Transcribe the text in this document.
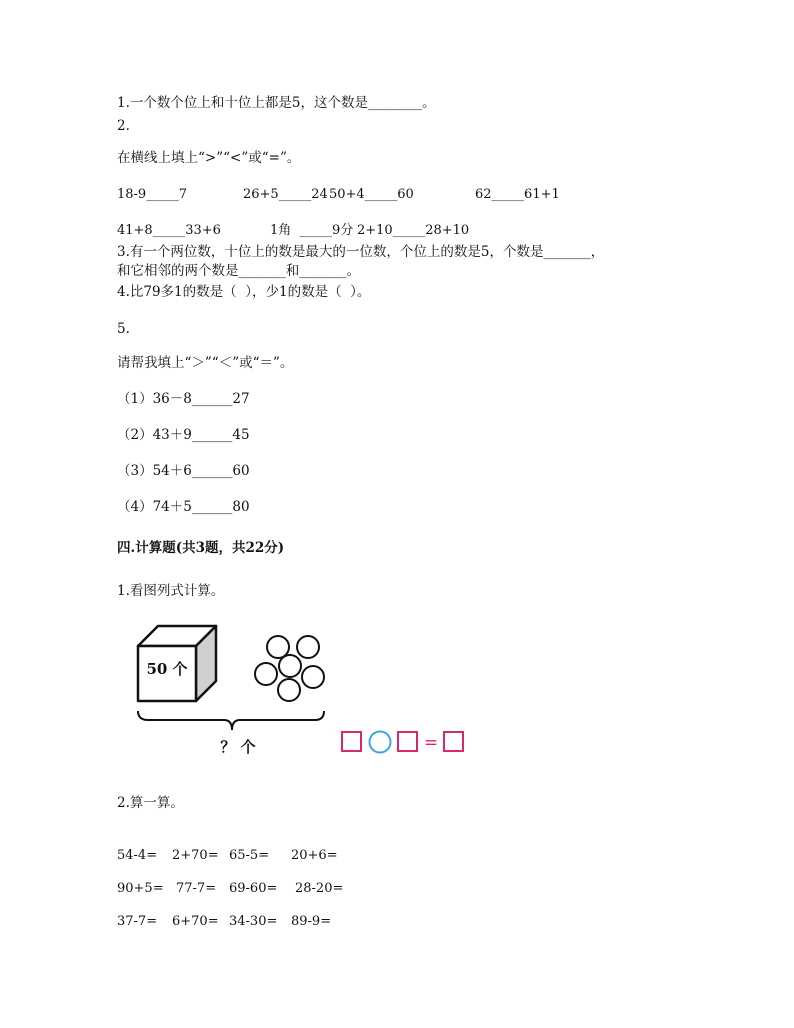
1.一个数个位上和十位上都是5，这个数是________。
2.
在横线上填上“>”“<”或“=”。
18-9_____7	26+5_____24 50+4_____60	62_____61+1
41+8_____33+6	1角  _____9分 2+10_____28+10
3.有一个两位数，十位上的数是最大的一位数，个位上的数是5，个数是_______，
和它相邻的两个数是_______和_______。
4.比79多1的数是（  ），少1的数是（  ）。
5.
请帮我填上“＞”“＜”或“＝”。
（1）36－8______27
（2）43＋9______45
（3）54＋6______60
（4）74＋5______80
四.计算题(共3题，共22分)
1.看图列式计算。
50 个
？ 个	=
2.算一算。
54-4= 2+70= 65-5= 20+6=
90+5= 77-7= 69-60= 28-20=
37-7= 6+70= 34-30= 89-9=
